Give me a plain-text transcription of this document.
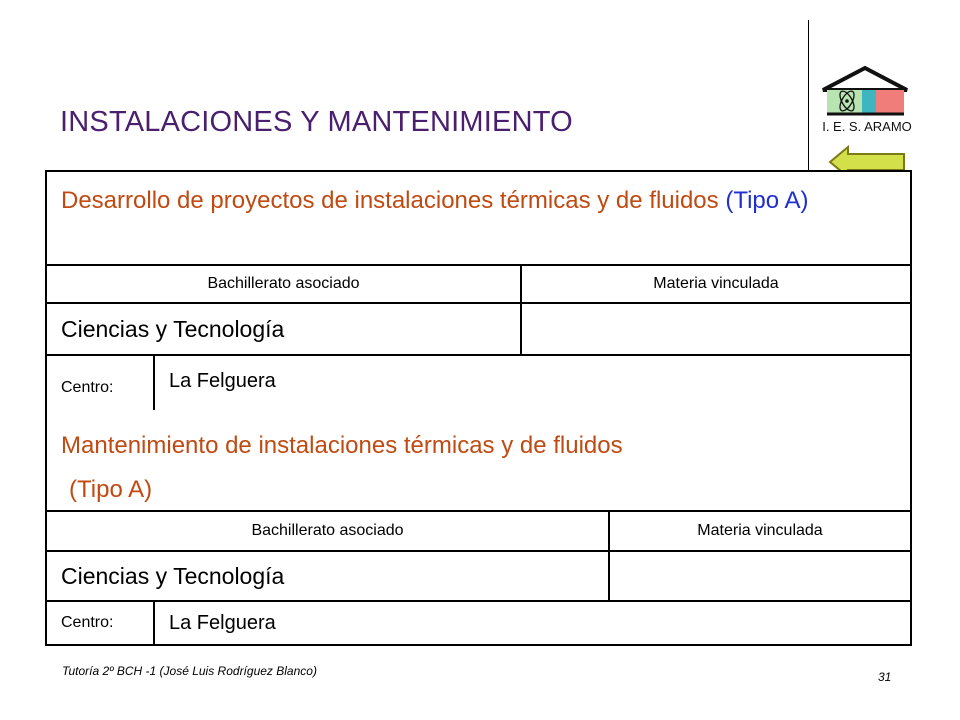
INSTALACIONES Y MANTENIMIENTO	I. E. S. ARAMO
Desarrollo de proyectos de instalaciones térmicas y de fluidos (Tipo A)
Bachillerato asociado	Materia vinculada
Ciencias y Tecnología
Centro:	La Felguera
Mantenimiento de instalaciones térmicas y de fluidos
(Tipo A)
Bachillerato asociado	Materia vinculada
Ciencias y Tecnología
Centro:	La Felguera
Tutoría 2º BCH -1 (José Luis Rodríguez Blanco)	31
